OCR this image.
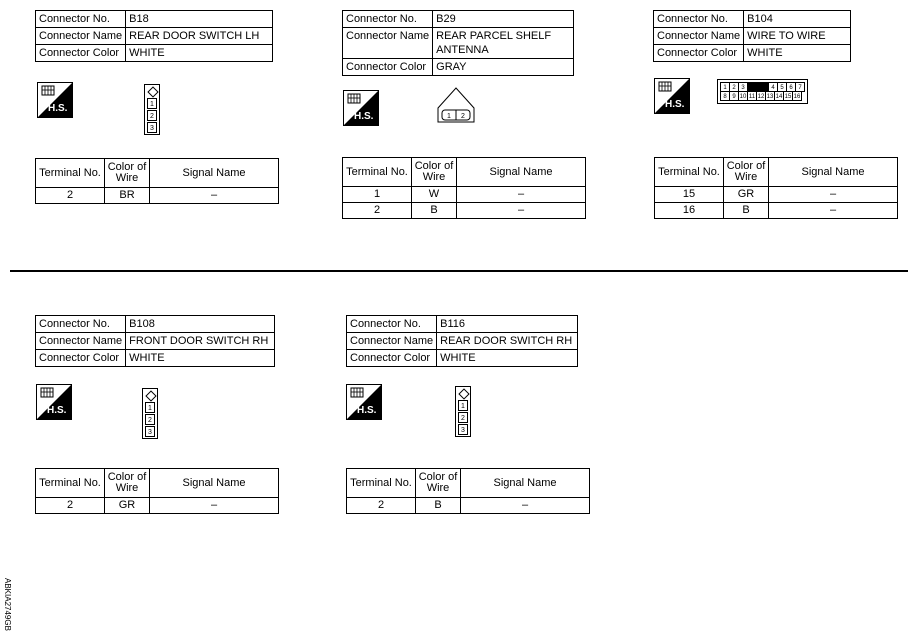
Connector No.	B18
Connector Name	REAR DOOR SWITCH LH
Connector Color	WHITE
H.S.	1
2
3
Terminal No.	Color of Wire	Signal Name
2	BR	–
Connector No.	B29
Connector Name	REAR PARCEL SHELF ANTENNA
Connector Color	GRAY
H.S.	1 2
Terminal No.	Color of Wire	Signal Name
1	W	–
2	B	–
Connector No.	B104
Connector Name	WIRE TO WIRE
Connector Color	WHITE
H.S.
1 2 3	4 5 6 7
8 9 10 11 12 13 14 15 16
Terminal No.	Color of Wire	Signal Name
15	GR	–
16	B	–
Connector No.	B108
Connector Name	FRONT DOOR SWITCH RH
Connector Color	WHITE
H.S.	1
2
3
Terminal No.	Color of Wire	Signal Name
2	GR	–
Connector No.	B116
Connector Name	REAR DOOR SWITCH RH
Connector Color	WHITE
H.S.	1
2
3
Terminal No.	Color of Wire	Signal Name
2	B	–
ABKIA2749GB
